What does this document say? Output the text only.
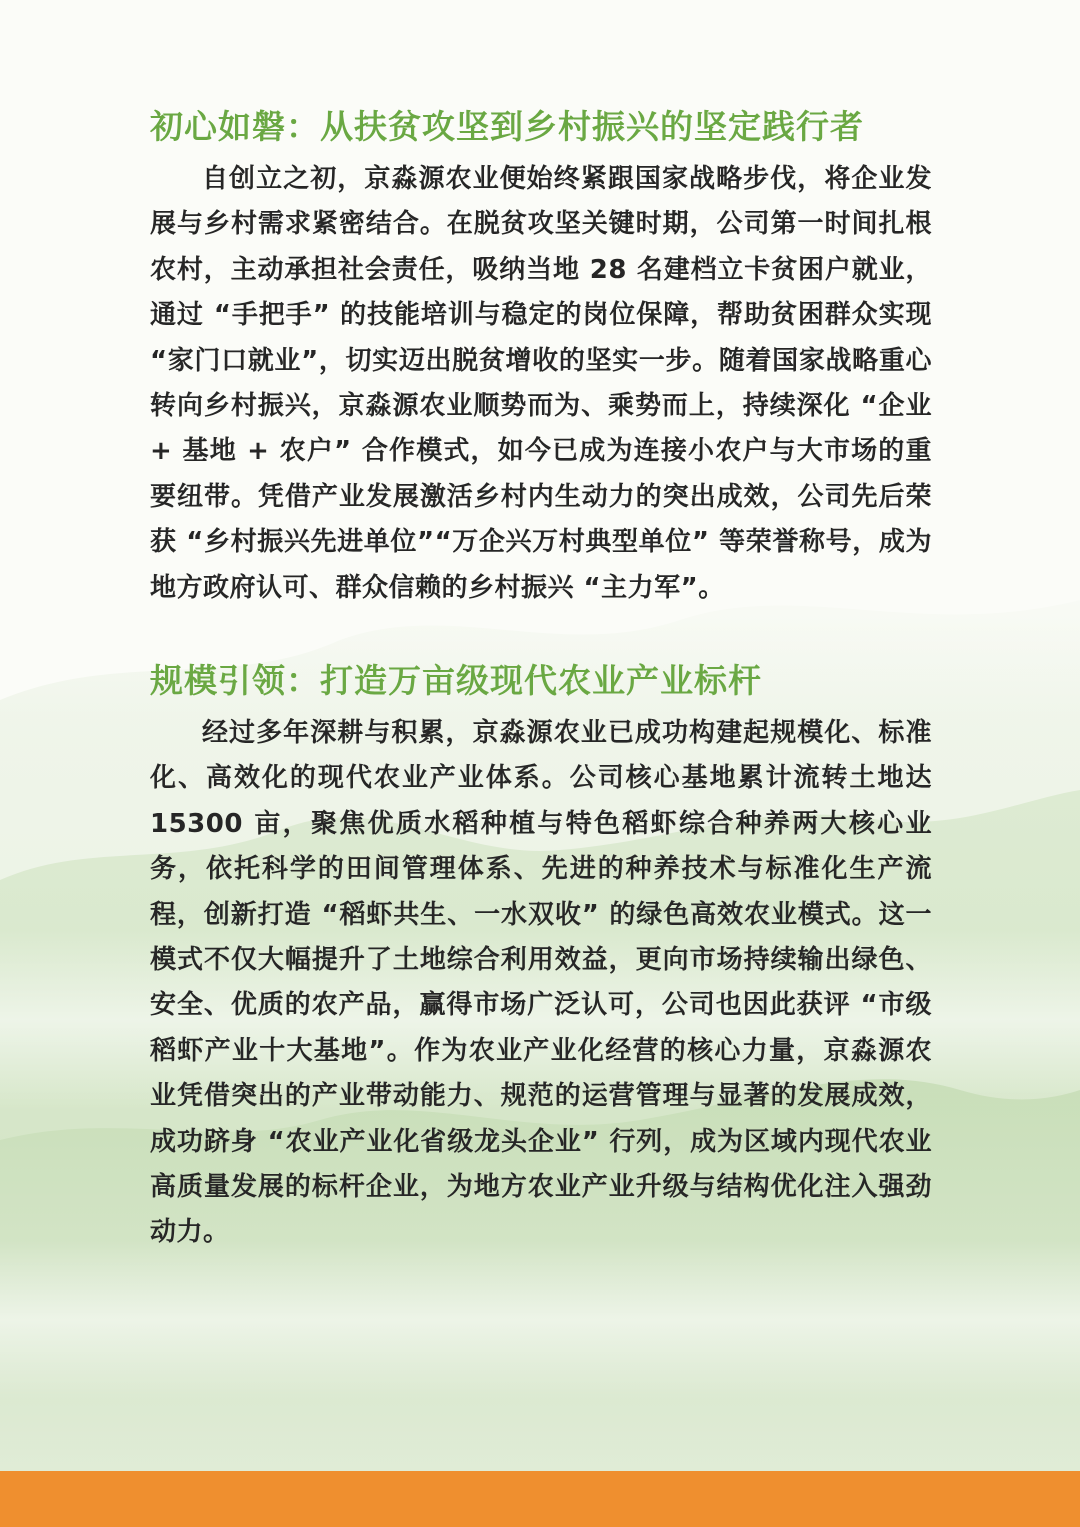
初心如磐：从扶贫攻坚到乡村振兴的坚定践行者

自创立之初，京淼源农业便始终紧跟国家战略步伐，将企业发展与乡村需求紧密结合。在脱贫攻坚关键时期，公司第一时间扎根农村，主动承担社会责任，吸纳当地 28 名建档立卡贫困户就业，通过 “手把手” 的技能培训与稳定的岗位保障，帮助贫困群众实现 “家门口就业”，切实迈出脱贫增收的坚实一步。随着国家战略重心转向乡村振兴，京淼源农业顺势而为、乘势而上，持续深化 “企业 + 基地 + 农户” 合作模式，如今已成为连接小农户与大市场的重要纽带。凭借产业发展激活乡村内生动力的突出成效，公司先后荣获 “乡村振兴先进单位”“万企兴万村典型单位” 等荣誉称号，成为地方政府认可、群众信赖的乡村振兴 “主力军”。

规模引领：打造万亩级现代农业产业标杆

经过多年深耕与积累，京淼源农业已成功构建起规模化、标准化、高效化的现代农业产业体系。公司核心基地累计流转土地达 15300 亩，聚焦优质水稻种植与特色稻虾综合种养两大核心业务，依托科学的田间管理体系、先进的种养技术与标准化生产流程，创新打造 “稻虾共生、一水双收” 的绿色高效农业模式。这一模式不仅大幅提升了土地综合利用效益，更向市场持续输出绿色、安全、优质的农产品，赢得市场广泛认可，公司也因此获评 “市级稻虾产业十大基地”。作为农业产业化经营的核心力量，京淼源农业凭借突出的产业带动能力、规范的运营管理与显著的发展成效，成功跻身 “农业产业化省级龙头企业” 行列，成为区域内现代农业高质量发展的标杆企业，为地方农业产业升级与结构优化注入强劲动力。
